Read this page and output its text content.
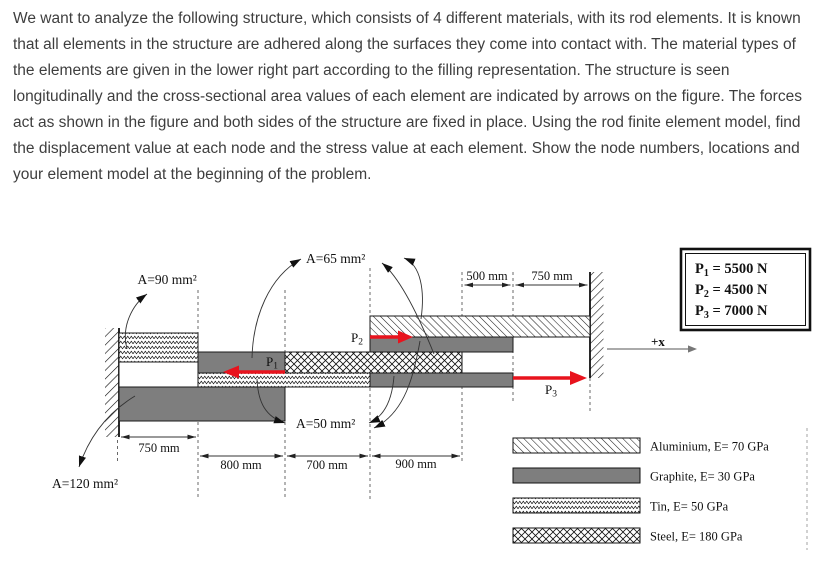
We want to analyze the following structure, which consists of 4 different materials, with its rod elements. It is known that all elements in the structure are adhered along the surfaces they come into contact with. The material types of the elements are given in the lower right part according to the filling representation. The structure is seen longitudinally and the cross-sectional area values of each element are indicated by arrows on the figure. The forces act as shown in the figure and both sides of the structure are fixed in place. Using the rod finite element model, find the displacement value at each node and the stress value at each element. Show the node numbers, locations and your element model at the beginning of the problem.

500 mm 750 mm
750 mm
800 mm	700 mm	900 mm
A=90 mm²
A=65 mm²
A=50 mm²
A=120 mm²
P1
P2
P3
+x
$P_1 = 5500$ N
$P_2 = 4500$ N
$P_3 = 7000$ N
Aluminium, E= 70 GPa
Graphite, E= 30 GPa
Tin, E= 50 GPa
Steel, E= 180 GPa
